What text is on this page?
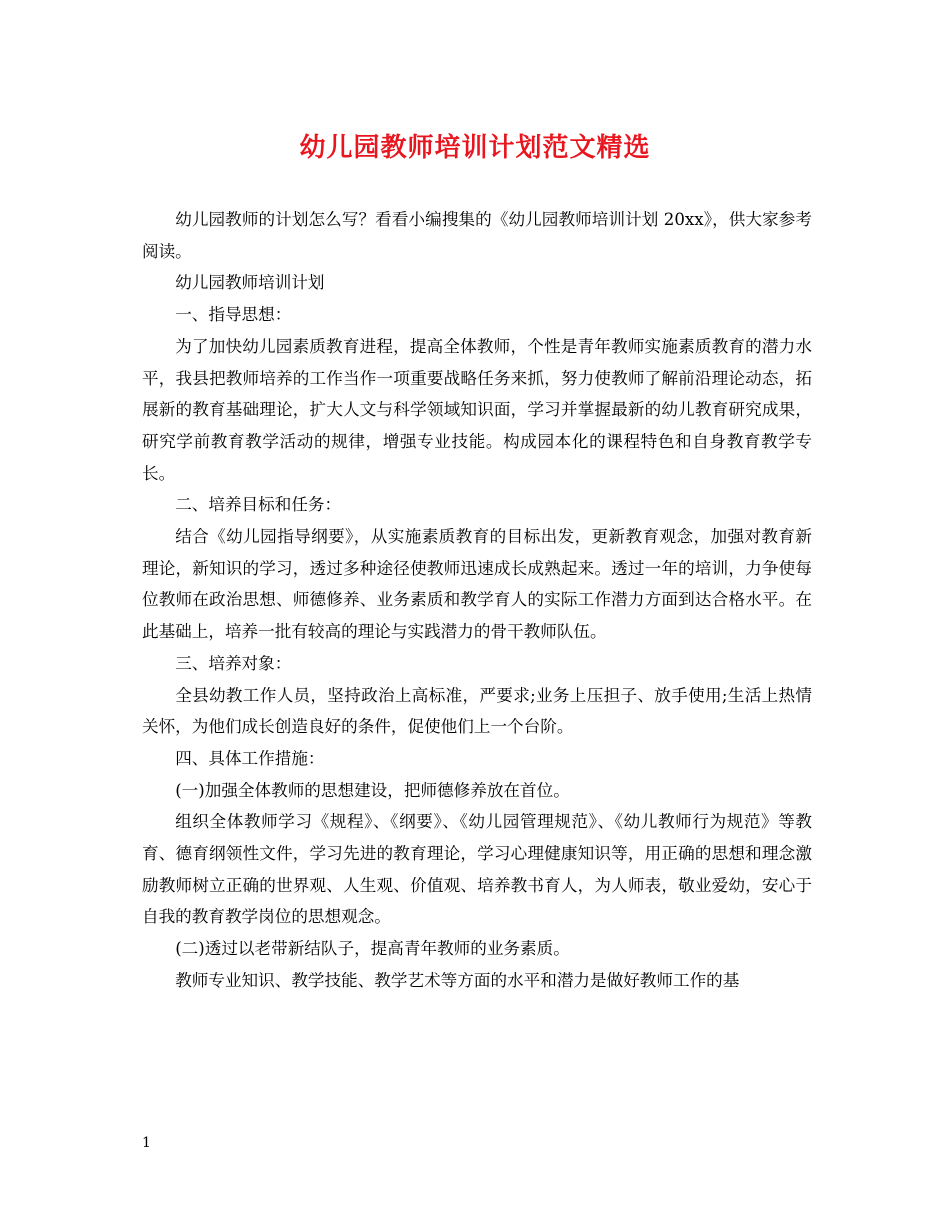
幼儿园教师培训计划范文精选

幼儿园教师的计划怎么写？看看小编搜集的《幼儿园教师培训计划 20xx》，供大家参考阅读。

幼儿园教师培训计划

一、指导思想：

为了加快幼儿园素质教育进程，提高全体教师，个性是青年教师实施素质教育的潜力水平，我县把教师培养的工作当作一项重要战略任务来抓，努力使教师了解前沿理论动态，拓展新的教育基础理论，扩大人文与科学领域知识面，学习并掌握最新的幼儿教育研究成果，研究学前教育教学活动的规律，增强专业技能。构成园本化的课程特色和自身教育教学专长。

二、培养目标和任务：

结合《幼儿园指导纲要》，从实施素质教育的目标出发，更新教育观念，加强对教育新理论，新知识的学习，透过多种途径使教师迅速成长成熟起来。透过一年的培训，力争使每位教师在政治思想、师德修养、业务素质和教学育人的实际工作潜力方面到达合格水平。在此基础上，培养一批有较高的理论与实践潜力的骨干教师队伍。

三、培养对象：

全县幼教工作人员，坚持政治上高标准，严要求;业务上压担子、放手使用;生活上热情关怀，为他们成长创造良好的条件，促使他们上一个台阶。

四、具体工作措施：

(一)加强全体教师的思想建设，把师德修养放在首位。

组织全体教师学习《规程》、《纲要》、《幼儿园管理规范》、《幼儿教师行为规范》等教育、德育纲领性文件，学习先进的教育理论，学习心理健康知识等，用正确的思想和理念激励教师树立正确的世界观、人生观、价值观、培养教书育人，为人师表，敬业爱幼，安心于自我的教育教学岗位的思想观念。

(二)透过以老带新结队子，提高青年教师的业务素质。

教师专业知识、教学技能、教学艺术等方面的水平和潜力是做好教师工作的基

1
